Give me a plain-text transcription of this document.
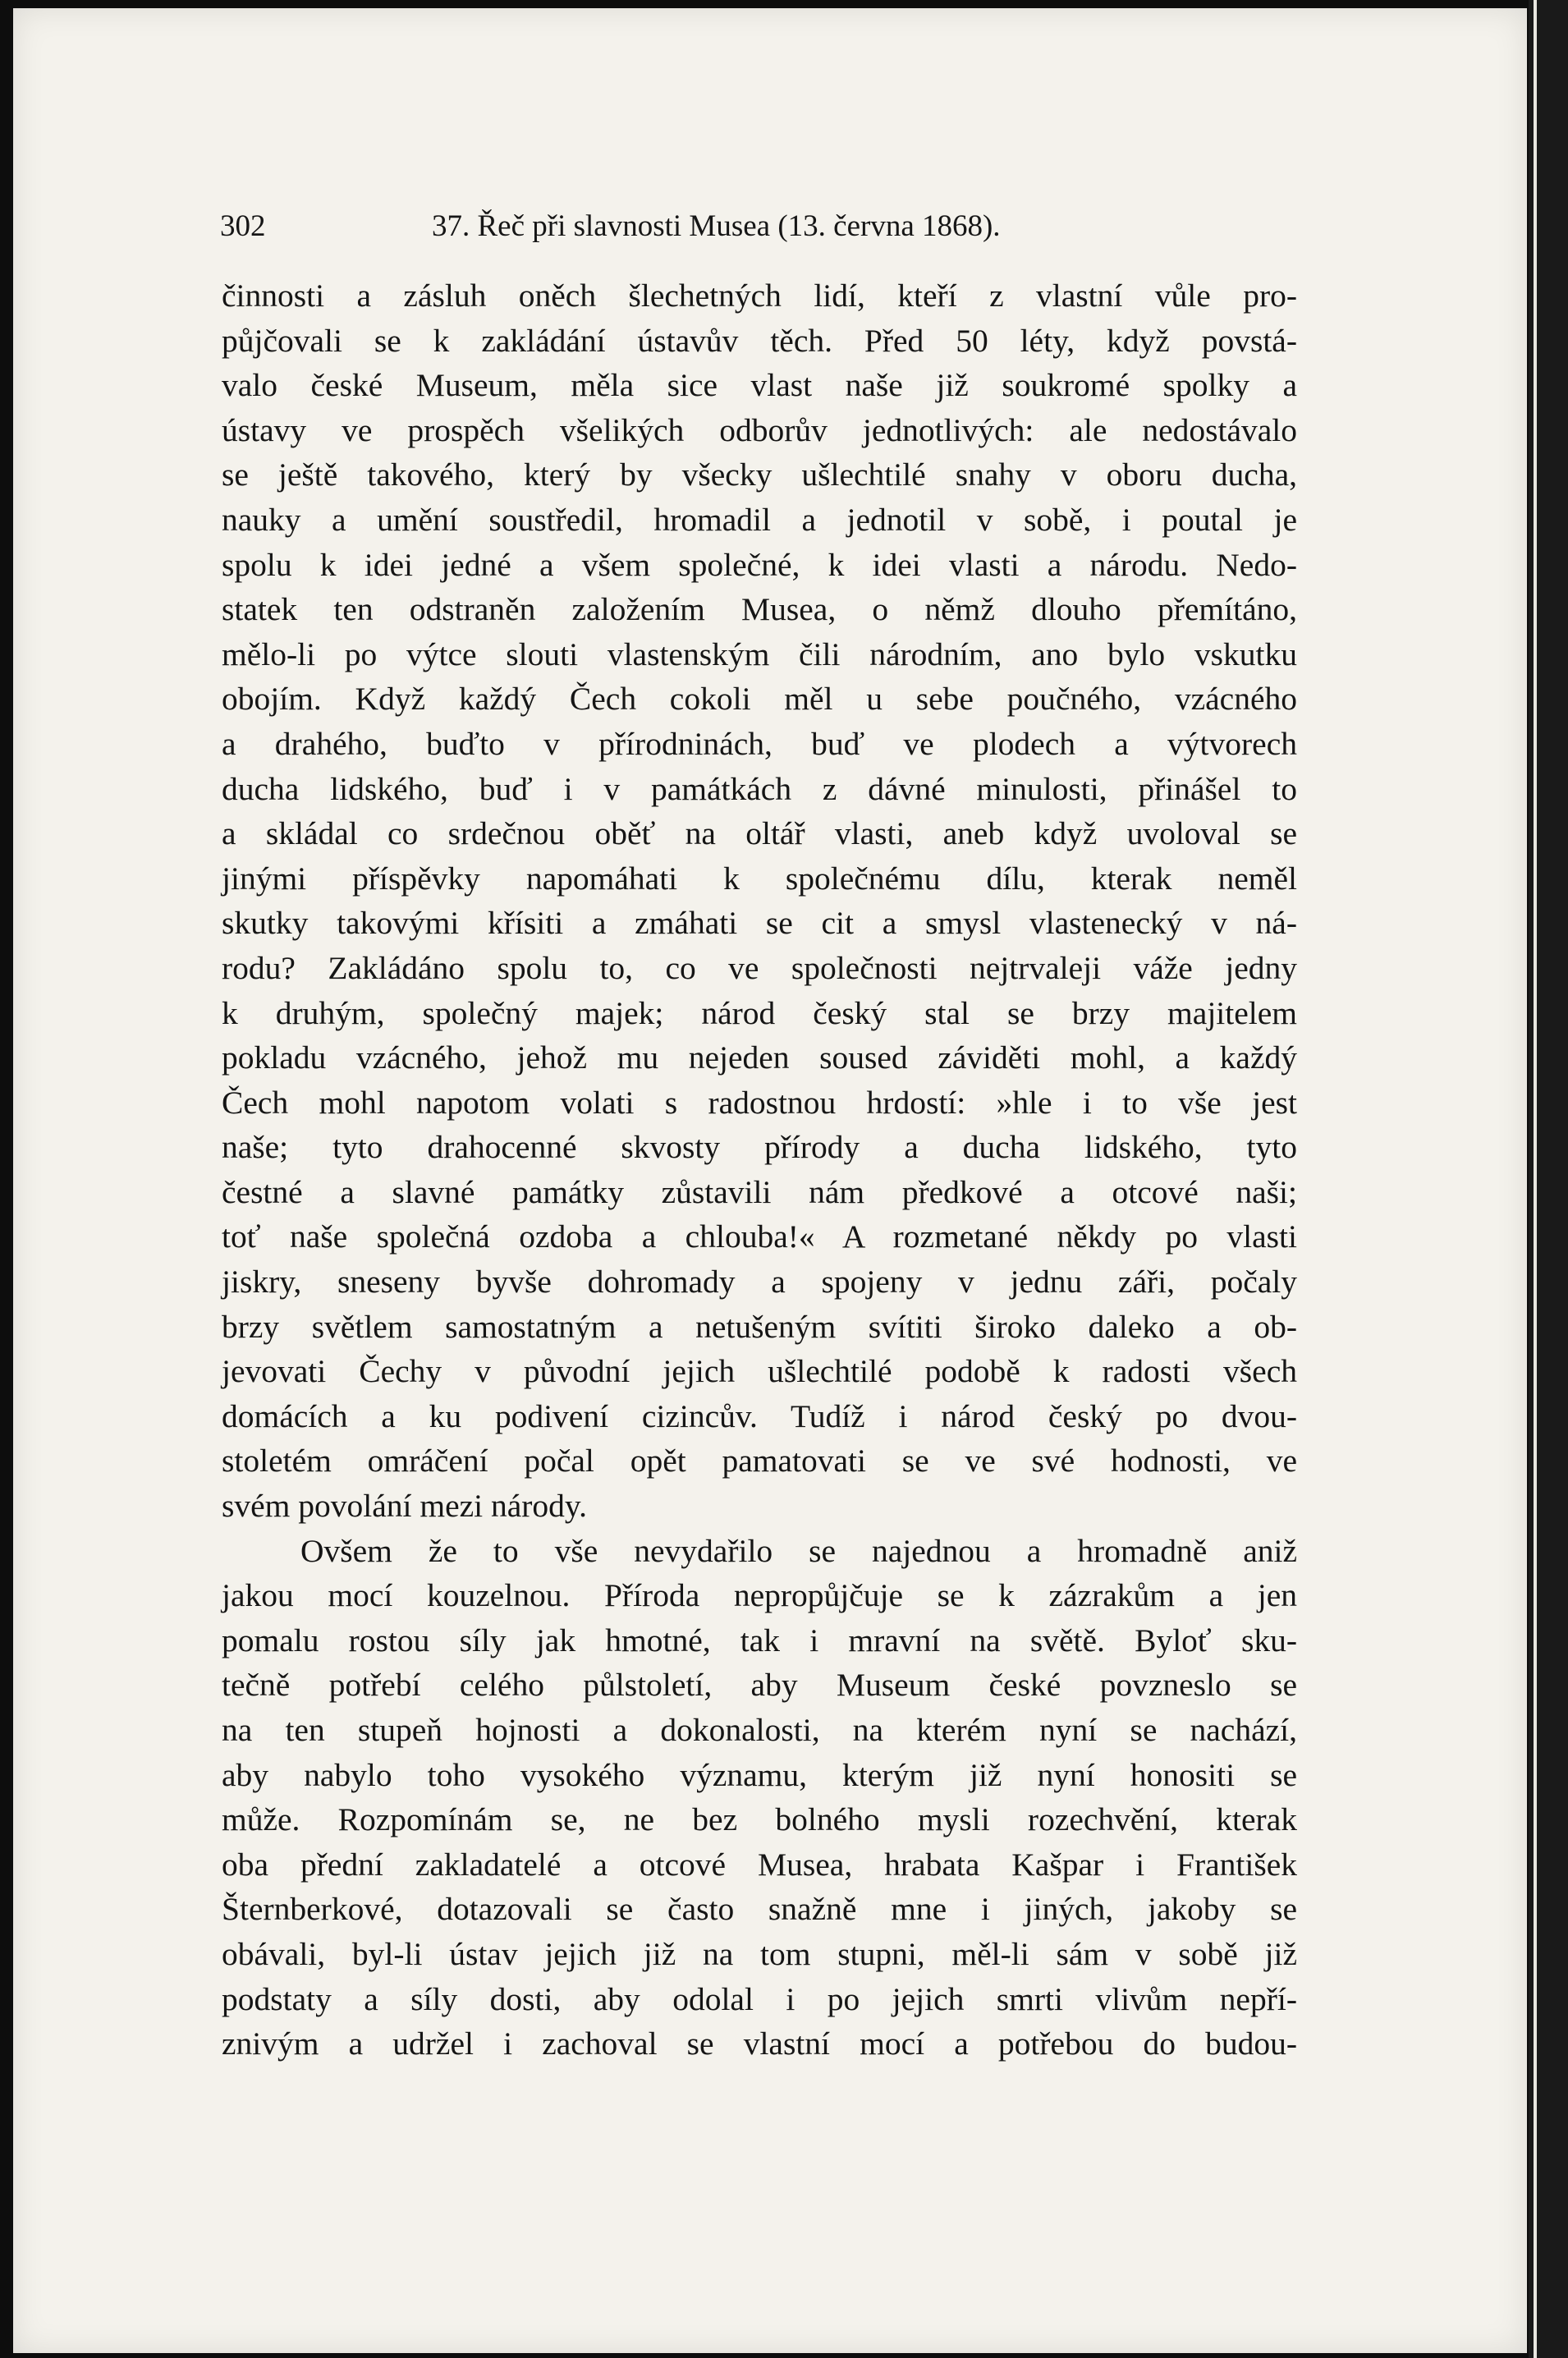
302	37. Řeč při slavnosti Musea (13. června 1868).
činnosti a zásluh oněch šlechetných lidí, kteří z vlastní vůle pro-
půjčovali se k zakládání ústavův těch. Před 50 léty, když povstá-
valo české Museum, měla sice vlast naše již soukromé spolky a
ústavy ve prospěch všelikých odborův jednotlivých: ale nedostávalo
se ještě takového, který by všecky ušlechtilé snahy v oboru ducha,
nauky a umění soustředil, hromadil a jednotil v sobě, i poutal je
spolu k idei jedné a všem společné, k idei vlasti a národu. Nedo-
statek ten odstraněn založením Musea, o němž dlouho přemítáno,
mělo-li po výtce slouti vlastenským čili národním, ano bylo vskutku
obojím. Když každý Čech cokoli měl u sebe poučného, vzácného
a drahého, buďto v přírodninách, buď ve plodech a výtvorech
ducha lidského, buď i v památkách z dávné minulosti, přinášel to
a skládal co srdečnou oběť na oltář vlasti, aneb když uvoloval se
jinými příspěvky napomáhati k společnému dílu, kterak neměl
skutky takovými křísiti a zmáhati se cit a smysl vlastenecký v ná-
rodu? Zakládáno spolu to, co ve společnosti nejtrvaleji váže jedny
k druhým, společný majek; národ český stal se brzy majitelem
pokladu vzácného, jehož mu nejeden soused záviděti mohl, a každý
Čech mohl napotom volati s radostnou hrdostí: »hle i to vše jest
naše; tyto drahocenné skvosty přírody a ducha lidského, tyto
čestné a slavné památky zůstavili nám předkové a otcové naši;
toť naše společná ozdoba a chlouba!« A rozmetané někdy po vlasti
jiskry, sneseny byvše dohromady a spojeny v jednu záři, počaly
brzy světlem samostatným a netušeným svítiti široko daleko a ob-
jevovati Čechy v původní jejich ušlechtilé podobě k radosti všech
domácích a ku podivení cizincův. Tudíž i národ český po dvou-
stoletém omráčení počal opět pamatovati se ve své hodnosti, ve
svém povolání mezi národy.
Ovšem že to vše nevydařilo se najednou a hromadně aniž
jakou mocí kouzelnou. Příroda nepropůjčuje se k zázrakům a jen
pomalu rostou síly jak hmotné, tak i mravní na světě. Byloť sku-
tečně potřebí celého půlstoletí, aby Museum české povzneslo se
na ten stupeň hojnosti a dokonalosti, na kterém nyní se nachází,
aby nabylo toho vysokého významu, kterým již nyní honositi se
může. Rozpomínám se, ne bez bolného mysli rozechvění, kterak
oba přední zakladatelé a otcové Musea, hrabata Kašpar i František
Šternberkové, dotazovali se často snažně mne i jiných, jakoby se
obávali, byl-li ústav jejich již na tom stupni, měl-li sám v sobě již
podstaty a síly dosti, aby odolal i po jejich smrti vlivům nepří-
znivým a udržel i zachoval se vlastní mocí a potřebou do budou-
